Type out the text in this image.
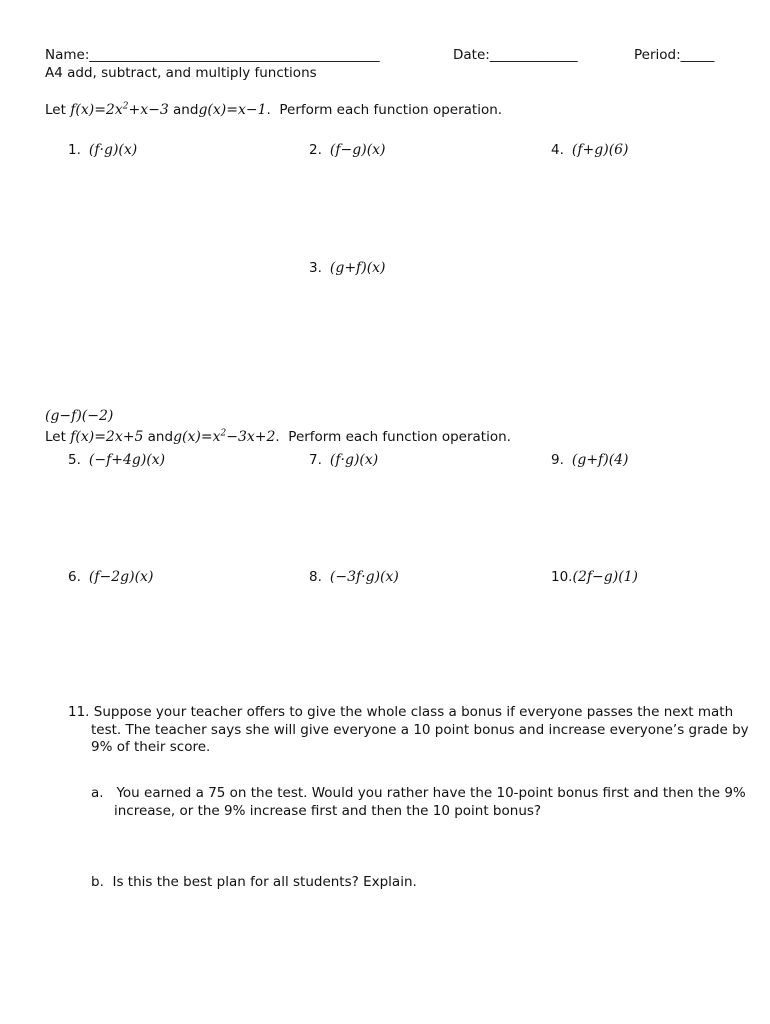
Name:___________________________________________	Date:_____________	Period:_____
A4 add, subtract, and multiply functions
Let $f(x)=2x^2+x-3$ andg(x)=x−1. Perform each function operation.
1. (f·g)(x)	2. (f−g)(x)	4. (f+g)(6)
3. (g+f)(x)
(g−f)(−2)
Let f(x)=2x+5 $andg(x)=x^2-3x+2$. Perform each function operation.
5. (−f+4g)(x)	7. (f·g)(x)	9. (g+f)(4)
6. (f−2g)(x)	8. (−3f·g)(x)	10.(2f−g)(1)
11. Suppose your teacher offers to give the whole class a bonus if everyone passes the next math test. The teacher says she will give everyone a 10 point bonus and increase everyone’s grade by 9% of their score.
a. You earned a 75 on the test. Would you rather have the 10-point bonus first and then the 9% increase, or the 9% increase first and then the 10 point bonus?
b. Is this the best plan for all students? Explain.
